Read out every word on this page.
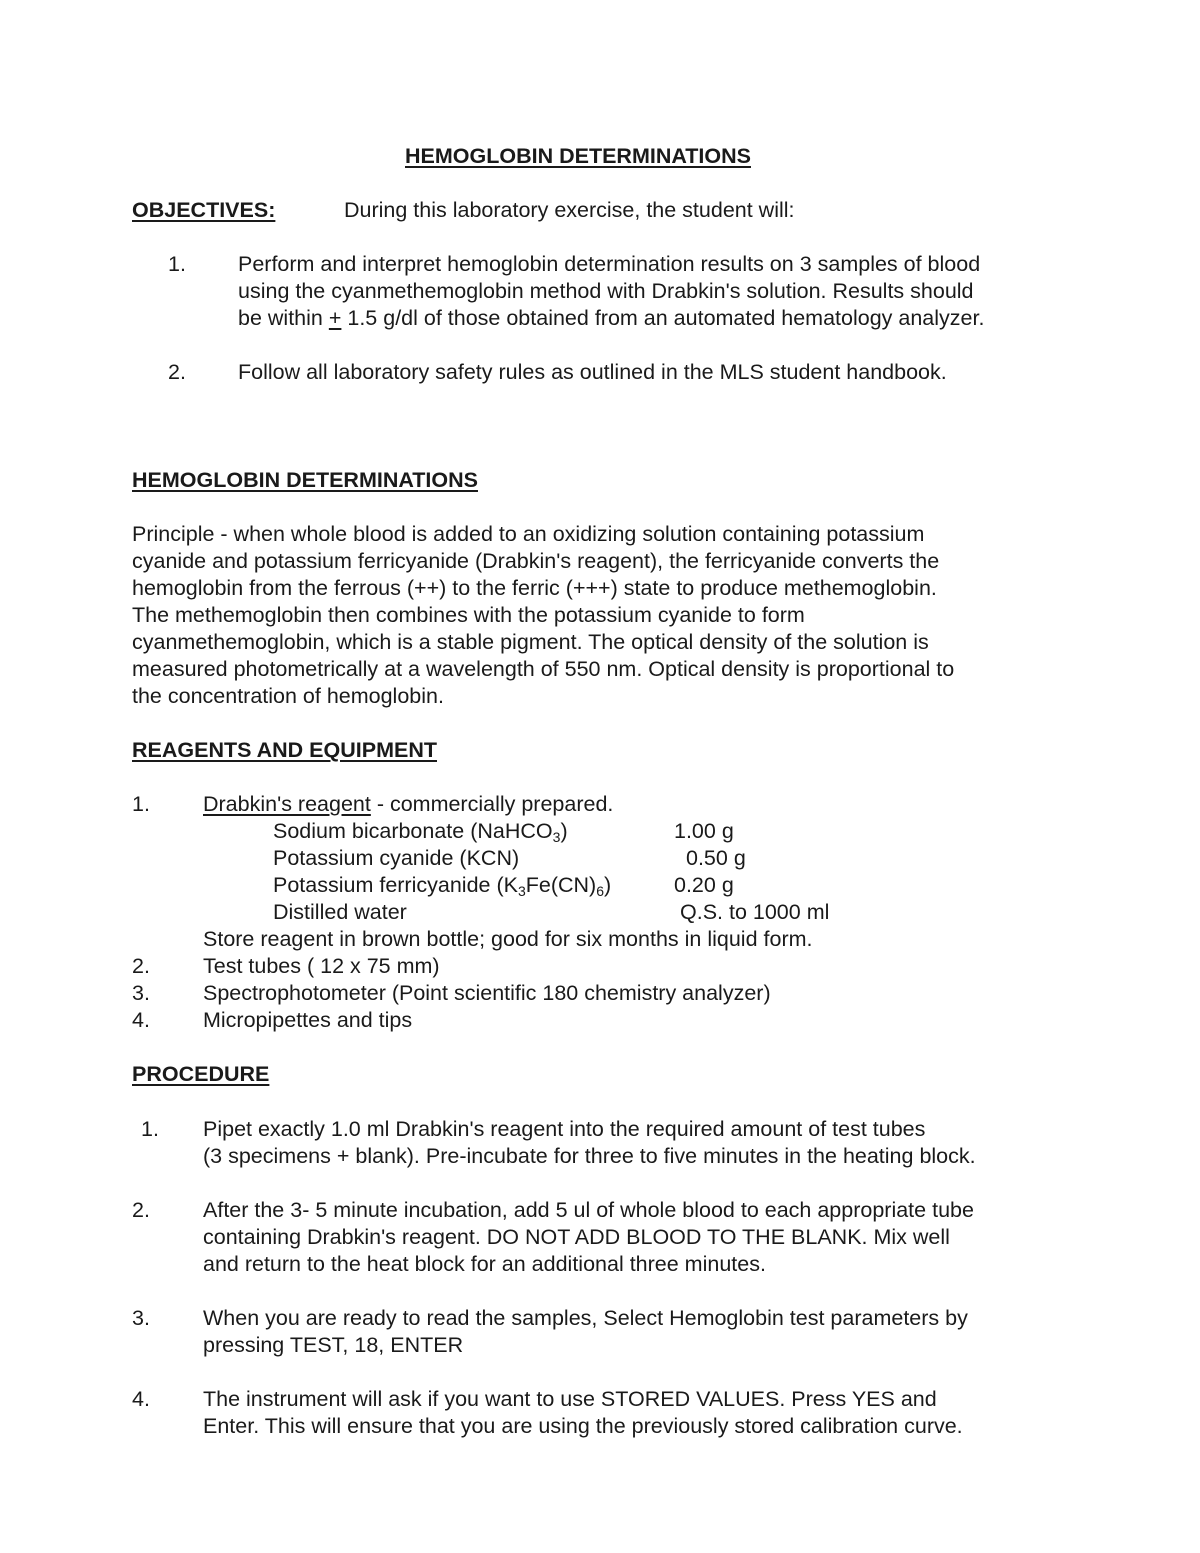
HEMOGLOBIN DETERMINATIONS
OBJECTIVES:	During this laboratory exercise, the student will:
1. Perform and interpret hemoglobin determination results on 3 samples of blood
using the cyanmethemoglobin method with Drabkin's solution. Results should
be within + 1.5 g/dl of those obtained from an automated hematology analyzer.
2. Follow all laboratory safety rules as outlined in the MLS student handbook.
HEMOGLOBIN DETERMINATIONS
Principle - when whole blood is added to an oxidizing solution containing potassium
cyanide and potassium ferricyanide (Drabkin's reagent), the ferricyanide converts the
hemoglobin from the ferrous (++) to the ferric (+++) state to produce methemoglobin.
The methemoglobin then combines with the potassium cyanide to form
cyanmethemoglobin, which is a stable pigment. The optical density of the solution is
measured photometrically at a wavelength of 550 nm. Optical density is proportional to
the concentration of hemoglobin.
REAGENTS AND EQUIPMENT
1. Drabkin's reagent - commercially prepared.
Sodium bicarbonate (NaHCO$_3$)	1.00 g
Potassium cyanide (KCN)	0.50 g
Potassium ferricyanide $(K_3Fe(CN)_6)$	0.20 g
Distilled water	Q.S. to 1000 ml
Store reagent in brown bottle; good for six months in liquid form.
2. Test tubes ( 12 x 75 mm)
3. Spectrophotometer (Point scientific 180 chemistry analyzer)
4. Micropipettes and tips
PROCEDURE
1. Pipet exactly 1.0 ml Drabkin's reagent into the required amount of test tubes
(3 specimens + blank). Pre-incubate for three to five minutes in the heating block.
2. After the 3- 5 minute incubation, add 5 ul of whole blood to each appropriate tube
containing Drabkin's reagent. DO NOT ADD BLOOD TO THE BLANK. Mix well
and return to the heat block for an additional three minutes.
3. When you are ready to read the samples, Select Hemoglobin test parameters by
pressing TEST, 18, ENTER
4. The instrument will ask if you want to use STORED VALUES. Press YES and
Enter. This will ensure that you are using the previously stored calibration curve.
